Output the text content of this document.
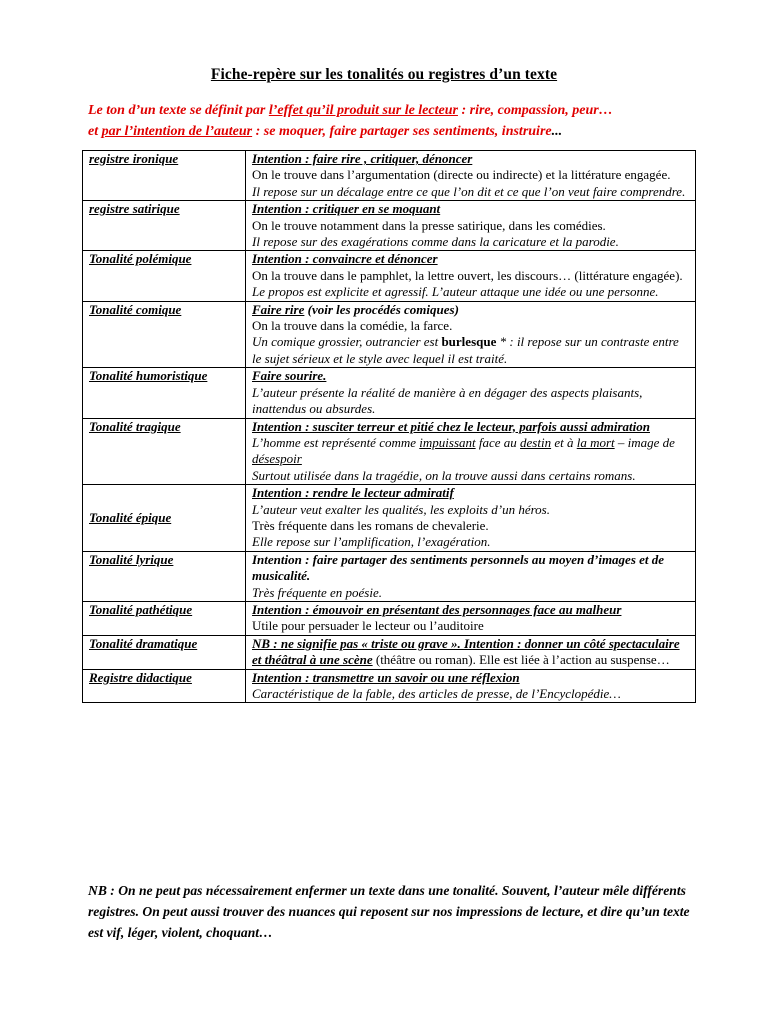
Fiche-repère sur les tonalités ou registres d’un texte
Le ton d’un texte se définit par l’effet qu’il produit sur le lecteur : rire, compassion, peur…
et par l’intention de l’auteur : se moquer, faire partager ses sentiments, instruire...
registre ironique	Intention : faire rire , critiquer, dénoncer
On le trouve dans l’argumentation (directe ou indirecte) et la littérature engagée.
Il repose sur un décalage entre ce que l’on dit et ce que l’on veut faire comprendre.

registre satirique	Intention : critiquer en se moquant
On le trouve notamment dans la presse satirique, dans les comédies.
Il repose sur des exagérations comme dans la caricature et la parodie.

Tonalité polémique	Intention : convaincre et dénoncer
On la trouve dans le pamphlet, la lettre ouvert, les discours… (littérature engagée).
Le propos est explicite et agressif. L’auteur attaque une idée ou une personne.

Tonalité comique	Faire rire (voir les procédés comiques)
On la trouve dans la comédie, la farce.
Un comique grossier, outrancier est burlesque * : il repose sur un contraste entre le sujet sérieux et le style avec lequel il est traité.

Tonalité humoristique	Faire sourire.
L’auteur présente la réalité de manière à en dégager des aspects plaisants, inattendus ou absurdes.

Tonalité tragique	Intention : susciter terreur et pitié chez le lecteur, parfois aussi admiration
L’homme est représenté comme impuissant face au destin et à la mort – image de désespoir
Surtout utilisée dans la tragédie, on la trouve aussi dans certains romans.

Tonalité épique	Intention : rendre le lecteur admiratif
L’auteur veut exalter les qualités, les exploits d’un héros.
Très fréquente dans les romans de chevalerie.
Elle repose sur l’amplification, l’exagération.

Tonalité lyrique	Intention : faire partager des sentiments personnels au moyen d’images et de musicalité.
Très fréquente en poésie.

Tonalité pathétique	Intention : émouvoir en présentant des personnages face au malheur
Utile pour persuader le lecteur ou l’auditoire

Tonalité dramatique	NB : ne signifie pas « triste ou grave ». Intention : donner un côté spectaculaire et théâtral à une scène (théâtre ou roman). Elle est liée à l’action au suspense…

Registre didactique	Intention : transmettre un savoir ou une réflexion
Caractéristique de la fable, des articles de presse, de l’Encyclopédie…
NB : On ne peut pas nécessairement enfermer un texte dans une tonalité. Souvent, l’auteur mêle différents registres. On peut aussi trouver des nuances qui reposent sur nos impressions de lecture, et dire qu’un texte est vif, léger, violent, choquant…
